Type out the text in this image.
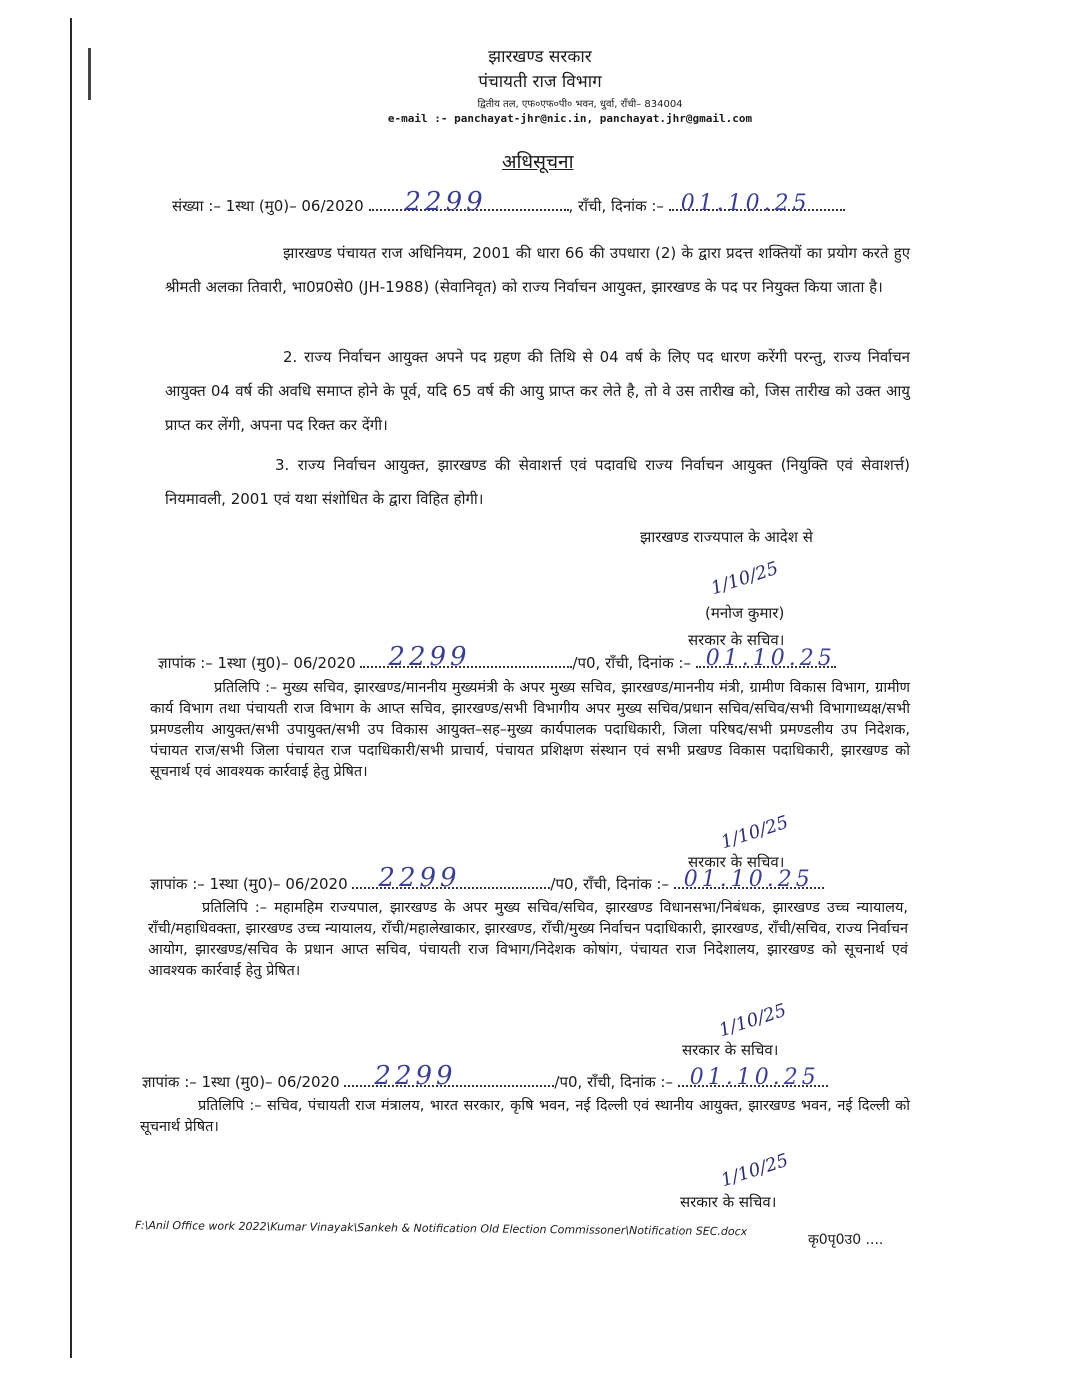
झारखण्ड सरकार
पंचायती राज विभाग
द्वितीय तल, एफ०एफ०पी० भवन, धुर्वा, राँची– 834004
e-mail :- panchayat-jhr@nic.in, panchayat.jhr@gmail.com
अधिसूचना
संख्या :– 1स्था (मु0)– 06/2020 2299	, राँची, दिनांक :– 01.10.25
झारखण्ड पंचायत राज अधिनियम, 2001 की धारा 66 की उपधारा (2) के द्वारा प्रदत्त शक्तियों का प्रयोग करते हुए श्रीमती अलका तिवारी, भा0प्र0से0 (JH-1988) (सेवानिवृत) को राज्य निर्वाचन आयुक्त, झारखण्ड के पद पर नियुक्त किया जाता है।
2. राज्य निर्वाचन आयुक्त अपने पद ग्रहण की तिथि से 04 वर्ष के लिए पद धारण करेंगी परन्तु, राज्य निर्वाचन आयुक्त 04 वर्ष की अवधि समाप्त होने के पूर्व, यदि 65 वर्ष की आयु प्राप्त कर लेते है, तो वे उस तारीख को, जिस तारीख को उक्त आयु प्राप्त कर लेंगी, अपना पद रिक्त कर देंगी।
3. राज्य निर्वाचन आयुक्त, झारखण्ड की सेवाशर्त्त एवं पदावधि राज्य निर्वाचन आयुक्त (नियुक्ति एवं सेवाशर्त्त) नियमावली, 2001 एवं यथा संशोधित के द्वारा विहित होगी।
झारखण्ड राज्यपाल के आदेश से
1/10/25
(मनोज कुमार)
सरकार के सचिव।
ज्ञापांक :– 1स्था (मु0)– 06/2020 2299	/प0, राँची, दिनांक :– 01.10.25
प्रतिलिपि :– मुख्य सचिव, झारखण्ड/माननीय मुख्यमंत्री के अपर मुख्य सचिव, झारखण्ड/माननीय मंत्री, ग्रामीण विकास विभाग, ग्रामीण कार्य विभाग तथा पंचायती राज विभाग के आप्त सचिव, झारखण्ड/सभी विभागीय अपर मुख्य सचिव/प्रधान सचिव/सचिव/सभी विभागाध्यक्ष/सभी प्रमण्डलीय आयुक्त/सभी उपायुक्त/सभी उप विकास आयुक्त–सह–मुख्य कार्यपालक पदाधिकारी, जिला परिषद/सभी प्रमण्डलीय उप निदेशक, पंचायत राज/सभी जिला पंचायत राज पदाधिकारी/सभी प्राचार्य, पंचायत प्रशिक्षण संस्थान एवं सभी प्रखण्ड विकास पदाधिकारी, झारखण्ड को सूचनार्थ एवं आवश्यक कार्रवाई हेतु प्रेषित।
1/10/25
सरकार के सचिव।
ज्ञापांक :– 1स्था (मु0)– 06/2020 2299	/प0, राँची, दिनांक :– 01.10.25
प्रतिलिपि :– महामहिम राज्यपाल, झारखण्ड के अपर मुख्य सचिव/सचिव, झारखण्ड विधानसभा/निबंधक, झारखण्ड उच्च न्यायालय, राँची/महाधिवक्ता, झारखण्ड उच्च न्यायालय, राँची/महालेखाकार, झारखण्ड, राँची/मुख्य निर्वाचन पदाधिकारी, झारखण्ड, राँची/सचिव, राज्य निर्वाचन आयोग, झारखण्ड/सचिव के प्रधान आप्त सचिव, पंचायती राज विभाग/निदेशक कोषांग, पंचायत राज निदेशालय, झारखण्ड को सूचनार्थ एवं आवश्यक कार्रवाई हेतु प्रेषित।
1/10/25
सरकार के सचिव।
ज्ञापांक :– 1स्था (मु0)– 06/2020 2299	/प0, राँची, दिनांक :– 01.10.25
प्रतिलिपि :– सचिव, पंचायती राज मंत्रालय, भारत सरकार, कृषि भवन, नई दिल्ली एवं स्थानीय आयुक्त, झारखण्ड भवन, नई दिल्ली को सूचनार्थ प्रेषित।
1/10/25
सरकार के सचिव।
F:\Anil Office work 2022\Kumar Vinayak\Sankeh & Notification Old Election Commissoner\Notification SEC.docx
कृ0पृ0उ0 ....
